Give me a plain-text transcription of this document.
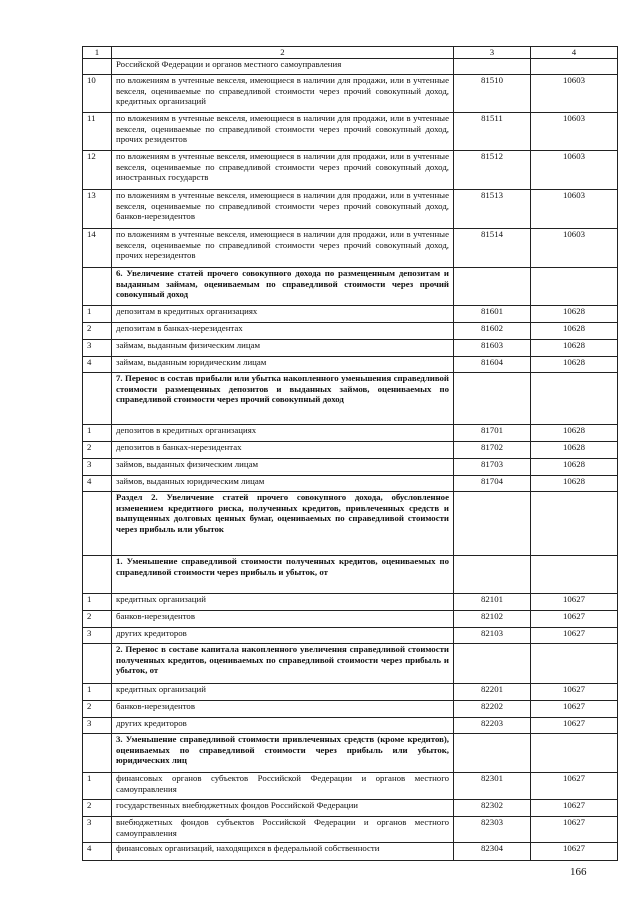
1	2	3	4
	Российской Федерации и органов местного самоуправления		
10	по вложениям в учтенные векселя, имеющиеся в наличии для продажи, или в учтенные векселя, оцениваемые по справедливой стоимости через прочий совокупный доход, кредитных организаций	81510	10603
11	по вложениям в учтенные векселя, имеющиеся в наличии для продажи, или в учтенные векселя, оцениваемые по справедливой стоимости через прочий совокупный доход, прочих резидентов	81511	10603
12	по вложениям в учтенные векселя, имеющиеся в наличии для продажи, или в учтенные векселя, оцениваемые по справедливой стоимости через прочий совокупный доход, иностранных государств	81512	10603
13	по вложениям в учтенные векселя, имеющиеся в наличии для продажи, или в учтенные векселя, оцениваемые по справедливой стоимости через прочий совокупный доход, банков-нерезидентов	81513	10603
14	по вложениям в учтенные векселя, имеющиеся в наличии для продажи, или в учтенные векселя, оцениваемые по справедливой стоимости через прочий совокупный доход, прочих нерезидентов	81514	10603
	6. Увеличение статей прочего совокупного дохода по размещенным депозитам и выданным займам, оцениваемым по справедливой стоимости через прочий совокупный доход		
1	депозитам в кредитных организациях	81601	10628
2	депозитам в банках-нерезидентах	81602	10628
3	займам, выданным физическим лицам	81603	10628
4	займам, выданным юридическим лицам	81604	10628
	7. Перенос в состав прибыли или убытка накопленного уменьшения справедливой стоимости размещенных депозитов и выданных займов, оцениваемых по справедливой стоимости через прочий совокупный доход		
1	депозитов в кредитных организациях	81701	10628
2	депозитов в банках-нерезидентах	81702	10628
3	займов, выданных физическим лицам	81703	10628
4	займов, выданных юридическим лицам	81704	10628
	Раздел 2. Увеличение статей прочего совокупного дохода, обусловленное изменением кредитного риска, полученных кредитов, привлеченных средств и выпущенных долговых ценных бумаг, оцениваемых по справедливой стоимости через прибыль или убыток		
	1. Уменьшение справедливой стоимости полученных кредитов, оцениваемых по справедливой стоимости через прибыль и убыток, от		
1	кредитных организаций	82101	10627
2	банков-нерезидентов	82102	10627
3	других кредиторов	82103	10627
	2. Перенос в составе капитала накопленного увеличения справедливой стоимости полученных кредитов, оцениваемых по справедливой стоимости через прибыль и убыток, от		
1	кредитных организаций	82201	10627
2	банков-нерезидентов	82202	10627
3	других кредиторов	82203	10627
	3. Уменьшение справедливой стоимости привлеченных средств (кроме кредитов), оцениваемых по справедливой стоимости через прибыль или убыток, юридических лиц		
1	финансовых органов субъектов Российской Федерации и органов местного самоуправления	82301	10627
2	государственных внебюджетных фондов Российской Федерации	82302	10627
3	внебюджетных фондов субъектов Российской Федерации и органов местного самоуправления	82303	10627
4	финансовых организаций, находящихся в федеральной собственности	82304	10627
166
